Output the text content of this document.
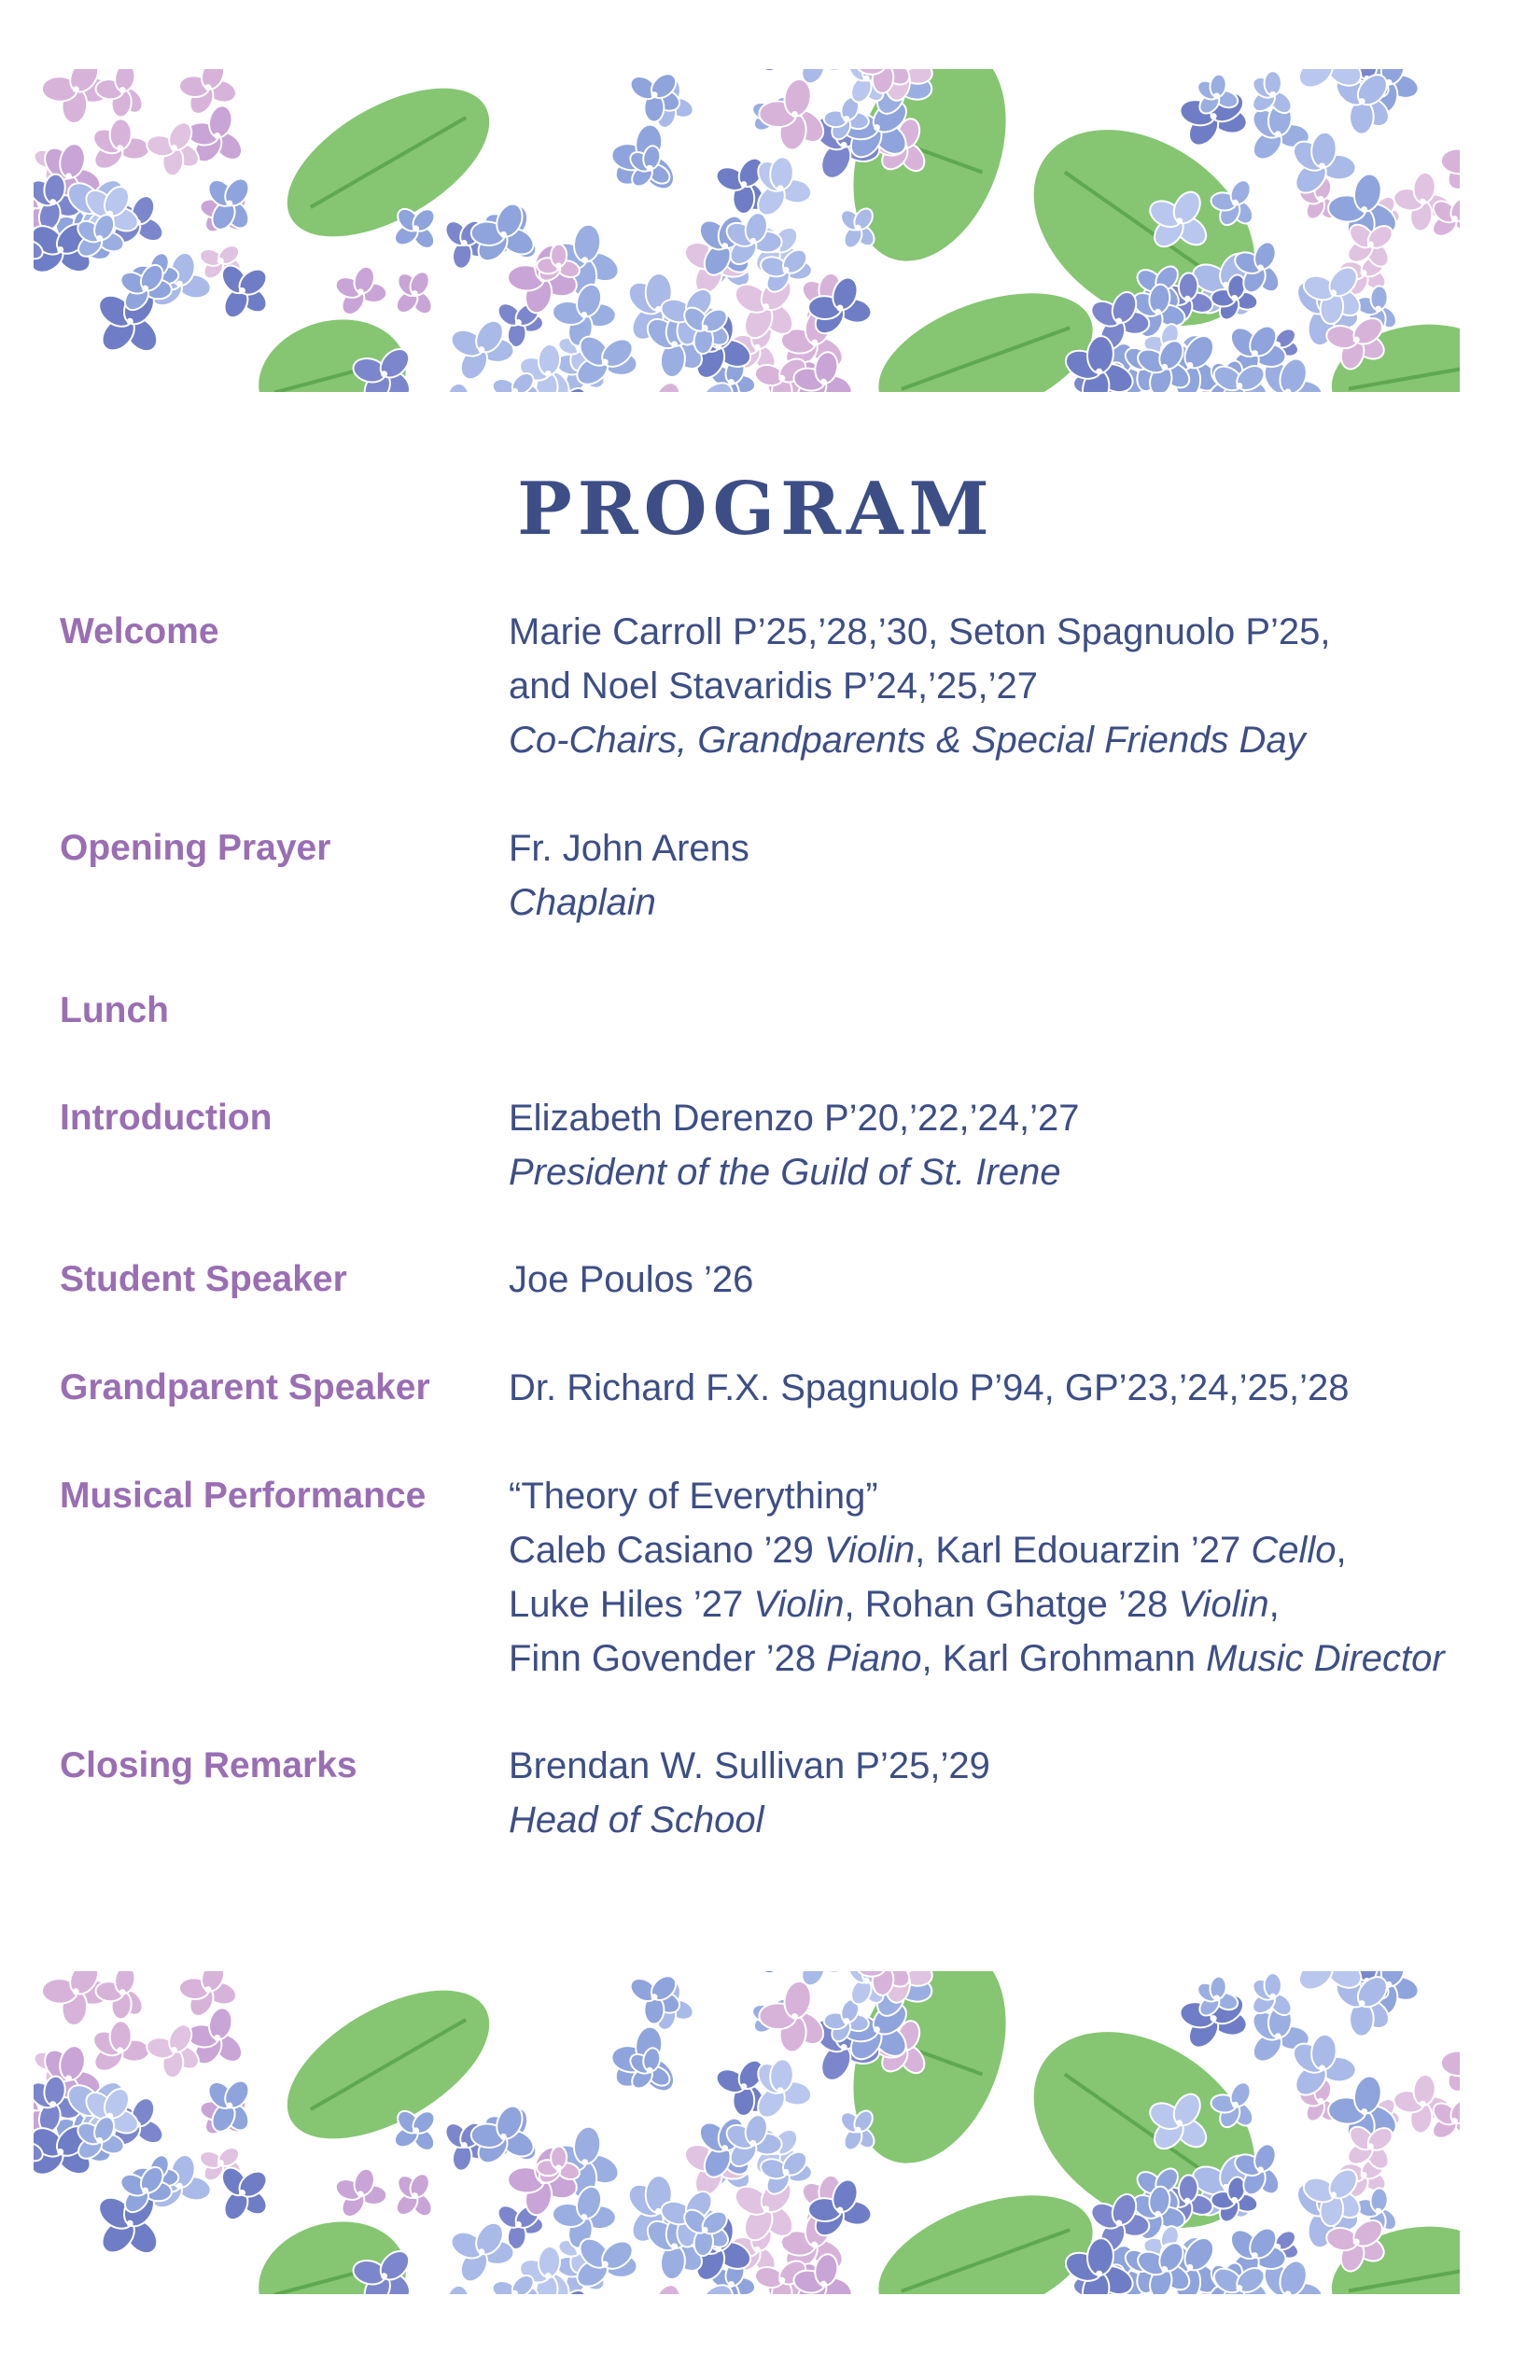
PROGRAM
Welcome	Marie Carroll P’25,’28,’30, Seton Spagnuolo P’25,
and Noel Stavaridis P’24,’25,’27
Co-Chairs, Grandparents & Special Friends Day
Opening Prayer	Fr. John Arens
Chaplain
Lunch
Introduction	Elizabeth Derenzo P’20,’22,’24,’27
President of the Guild of St. Irene
Student Speaker	Joe Poulos ’26
Grandparent Speaker	Dr. Richard F.X. Spagnuolo P’94, GP’23,’24,’25,’28
Musical Performance	“Theory of Everything”
Caleb Casiano ’29 Violin, Karl Edouarzin ’27 Cello,
Luke Hiles ’27 Violin, Rohan Ghatge ’28 Violin,
Finn Govender ’28 Piano, Karl Grohmann Music Director
Closing Remarks	Brendan W. Sullivan P’25,’29
Head of School
